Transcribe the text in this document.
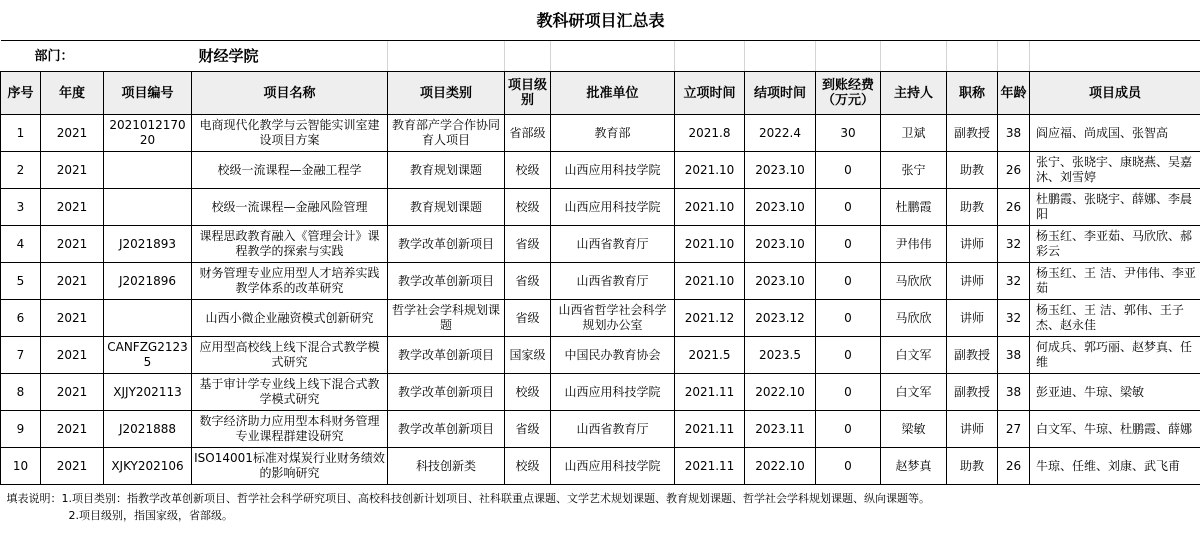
教科研项目汇总表													
部门：		财经学院											
序号	年度	项目编号	项目名称	项目类别	项目级别	批准单位	立项时间	结项时间	到账经费（万元）	主持人	职称	年龄	项目成员
1	2021	202101217020	电商现代化教学与云智能实训室建设项目方案	教育部产学合作协同育人项目	省部级	教育部	2021.8	2022.4	30	卫斌	副教授	38	阎应福、尚成国、张智高
2	2021		校级一流课程—金融工程学	教育规划课题	校级	山西应用科技学院	2021.10	2023.10	0	张宁	助教	26	张宁、张晓宇、康晓燕、吴嘉沐、刘雪婷
3	2021		校级一流课程—金融风险管理	教育规划课题	校级	山西应用科技学院	2021.10	2023.10	0	杜鹏霞	助教	26	杜鹏霞、张晓宇、薛娜、李晨阳
4	2021	J2021893	课程思政教育融入《管理会计》课程教学的探索与实践	教学改革创新项目	省级	山西省教育厅	2021.10	2023.10	0	尹伟伟	讲师	32	杨玉红、李亚茹、马欣欣、郝彩云
5	2021	J2021896	财务管理专业应用型人才培养实践教学体系的改革研究	教学改革创新项目	省级	山西省教育厅	2021.10	2023.10	0	马欣欣	讲师	32	杨玉红、王 洁、尹伟伟、李亚茹
6	2021		山西小微企业融资模式创新研究	哲学社会学科规划课题	省级	山西省哲学社会科学规划办公室	2021.12	2023.12	0	马欣欣	讲师	32	杨玉红、王 洁、郭伟、王子杰、赵永佳
7	2021	CANFZG21235	应用型高校线上线下混合式教学模式研究	教学改革创新项目	国家级	中国民办教育协会	2021.5	2023.5	0	白文军	副教授	38	何成兵、郭巧丽、赵梦真、任维
8	2021	XJJY202113	基于审计学专业线上线下混合式教学模式研究	教学改革创新项目	校级	山西应用科技学院	2021.11	2022.10	0	白文军	副教授	38	彭亚迪、牛琼、梁敏
9	2021	J2021888	数字经济助力应用型本科财务管理专业课程群建设研究	教学改革创新项目	省级	山西省教育厅	2021.11	2023.11	0	梁敏	讲师	27	白文军、牛琼、杜鹏霞、薛娜
10	2021	XJKY202106	ISO14001标准对煤炭行业财务绩效的影响研究	科技创新类	校级	山西应用科技学院	2021.11	2022.10	0	赵梦真	助教	26	牛琼、任维、刘康、武飞甫

填表说明：1.项目类别：指教学改革创新项目、哲学社会科学研究项目、高校科技创新计划项目、社科联重点课题、文学艺术规划课题、教育规划课题、哲学社会学科规划课题、纵向课题等。
2.项目级别，指国家级，省部级。													
